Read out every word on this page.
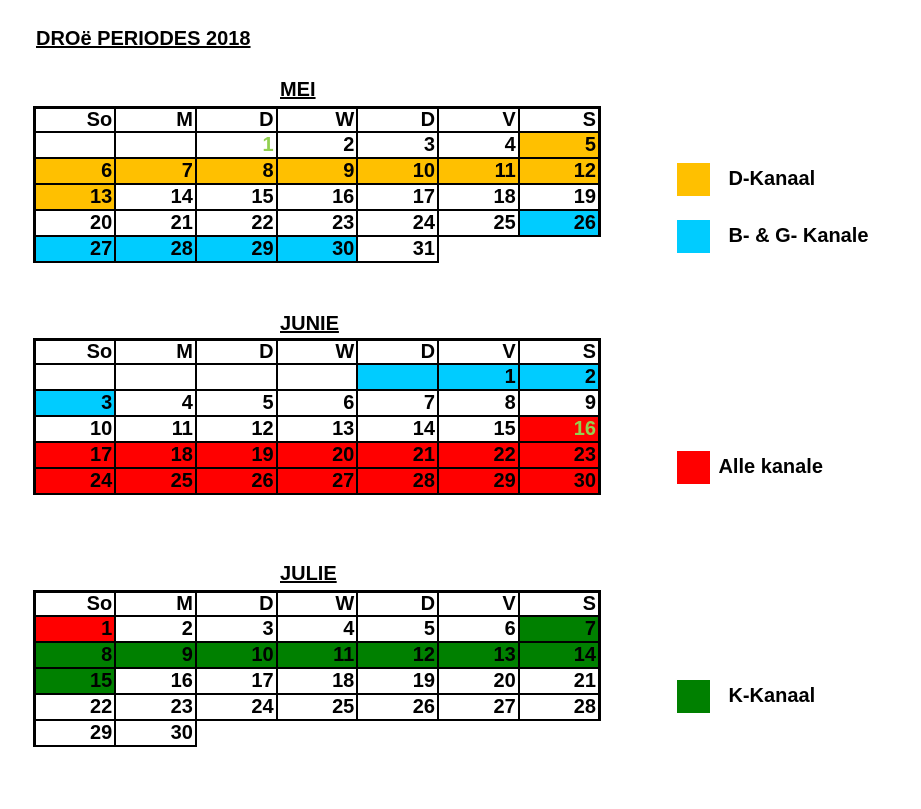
DROë PERIODES 2018
MEI
So	M	D	W	D	V	S
		1	2	3	4	5
6	7	8	9	10	11	12
13	14	15	16	17	18	19
20	21	22	23	24	25	26
27	28	29	30	31		
JUNIE
So	M	D	W	D	V	S
					1	2
3	4	5	6	7	8	9
10	11	12	13	14	15	16
17	18	19	20	21	22	23
24	25	26	27	28	29	30
JULIE
So	M	D	W	D	V	S
1	2	3	4	5	6	7
8	9	10	11	12	13	14
15	16	17	18	19	20	21
22	23	24	25	26	27	28
29	30					
D-Kanaal
B- & G- Kanale
Alle kanale
K-Kanaal
